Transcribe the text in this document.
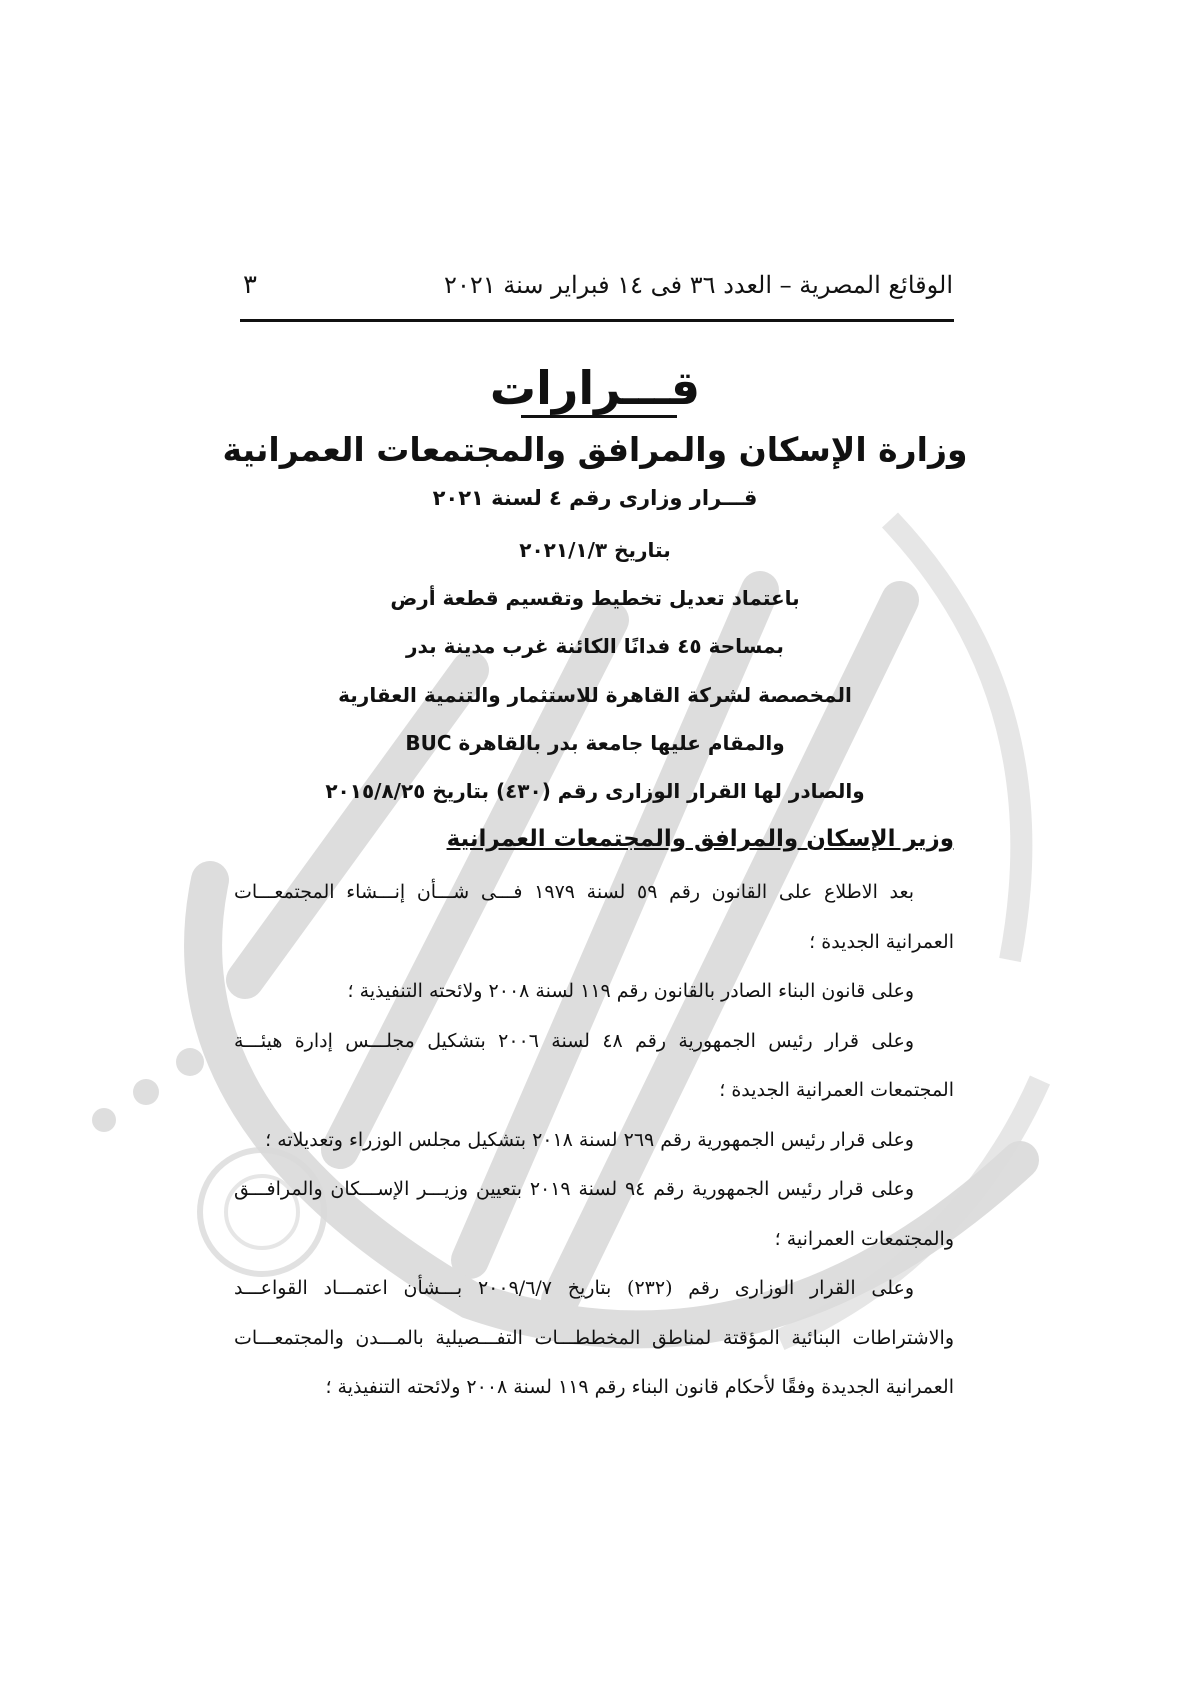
الوقائع المصرية – العدد ٣٦ فى ١٤ فبراير سنة ٢٠٢١
٣
قـــرارات
وزارة الإسكان والمرافق والمجتمعات العمرانية
قـــرار وزارى رقم ٤ لسنة ٢٠٢١
بتاريخ ٢٠٢١/١/٣
باعتماد تعديل تخطيط وتقسيم قطعة أرض
بمساحة ٤٥ فدانًا الكائنة غرب مدينة بدر
المخصصة لشركة القاهرة للاستثمار والتنمية العقارية
والمقام عليها جامعة بدر بالقاهرة BUC
والصادر لها القرار الوزارى رقم (٤٣٠) بتاريخ ٢٠١٥/٨/٢٥
وزير الإسكان والمرافق والمجتمعات العمرانية

بعد الاطلاع على القانون رقم ٥٩ لسنة ١٩٧٩ فـــى شـــأن إنـــشاء المجتمعـــات العمرانية الجديدة ؛

وعلى قانون البناء الصادر بالقانون رقم ١١٩ لسنة ٢٠٠٨ ولائحته التنفيذية ؛

وعلى قرار رئيس الجمهورية رقم ٤٨ لسنة ٢٠٠٦ بتشكيل مجلـــس إدارة هيئـــة المجتمعات العمرانية الجديدة ؛

وعلى قرار رئيس الجمهورية رقم ٢٦٩ لسنة ٢٠١٨ بتشكيل مجلس الوزراء وتعديلاته ؛

وعلى قرار رئيس الجمهورية رقم ٩٤ لسنة ٢٠١٩ بتعيين وزيـــر الإســـكان والمرافـــق والمجتمعات العمرانية ؛

وعلى القرار الوزارى رقم (٢٣٢) بتاريخ ٢٠٠٩/٦/٧ بـــشأن اعتمـــاد القواعـــد والاشتراطات البنائية المؤقتة لمناطق المخططـــات التفـــصيلية بالمـــدن والمجتمعـــات العمرانية الجديدة وفقًا لأحكام قانون البناء رقم ١١٩ لسنة ٢٠٠٨ ولائحته التنفيذية ؛
